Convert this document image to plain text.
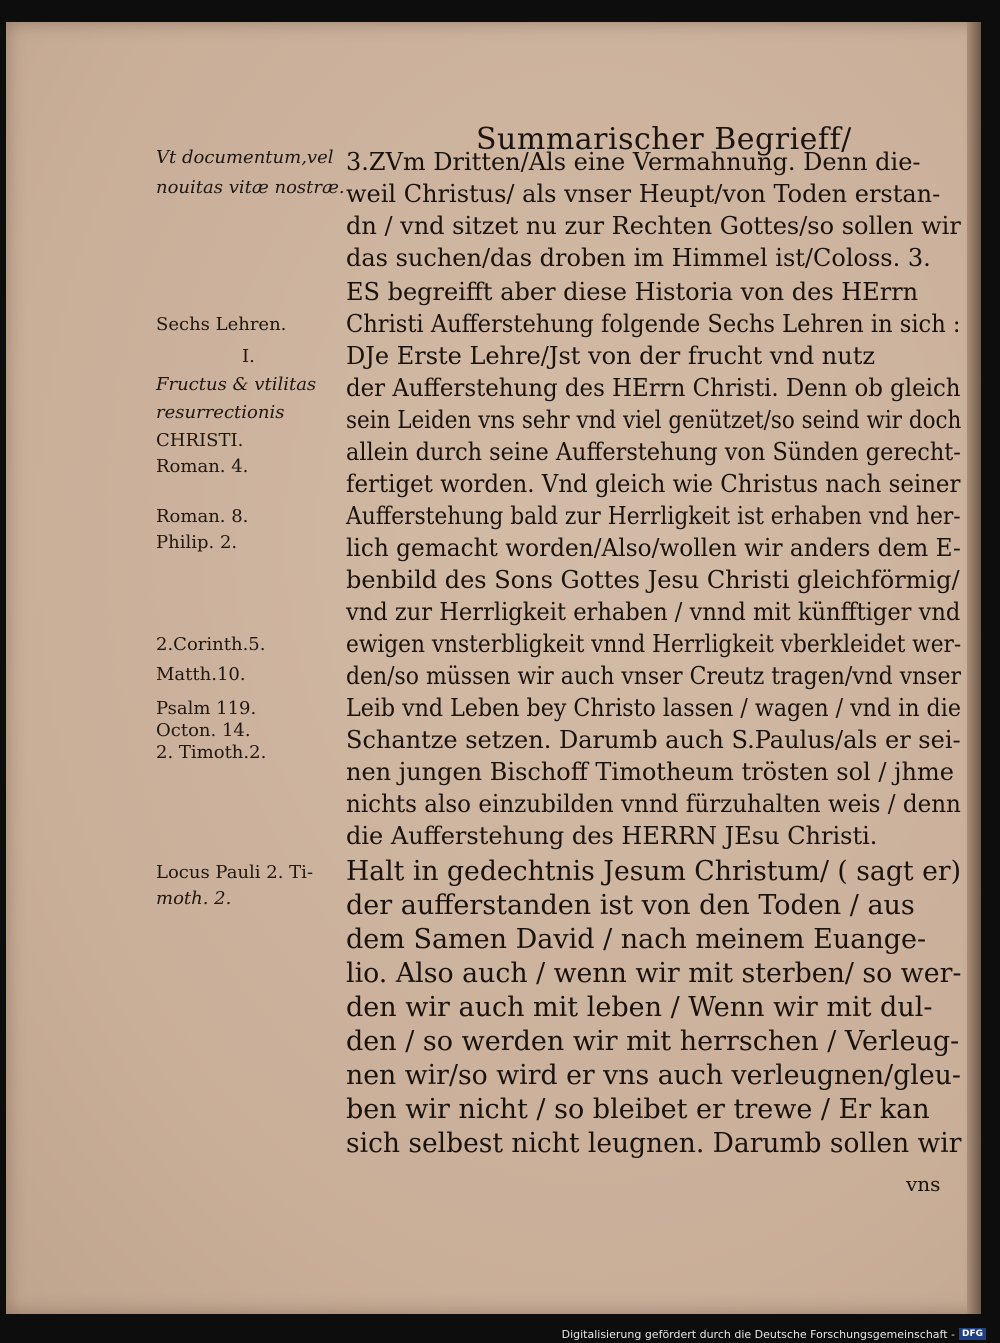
Summarischer Begrieff/
Vt documentum,vel
nouitas vitæ nostræ.
Sechs Lehren.
I.
Fructus & vtilitas
resurrectionis
CHRISTI.
Roman. 4.
Roman. 8.
Philip. 2.
2.Corinth.5.
Matth.10.
Psalm 119.
Octon. 14.
2. Timoth.2.
Locus Pauli 2. Ti-
moth. 2.
3.ZVm Dritten/Als eine Vermahnung. Denn die-
weil Christus/ als vnser Heupt/von Toden erstan-
dn / vnd sitzet nu zur Rechten Gottes/so sollen wir
das suchen/das droben im Himmel ist/Coloss. 3.
ES begreifft aber diese Historia von des HErrn
Christi Aufferstehung folgende Sechs Lehren in sich :
DJe Erste Lehre/Jst von der frucht vnd nutz
der Aufferstehung des HErrn Christi. Denn ob gleich
sein Leiden vns sehr vnd viel genützet/so seind wir doch
allein durch seine Aufferstehung von Sünden gerecht-
fertiget worden. Vnd gleich wie Christus nach seiner
Aufferstehung bald zur Herrligkeit ist erhaben vnd her-
lich gemacht worden/Also/wollen wir anders dem E-
benbild des Sons Gottes Jesu Christi gleichförmig/
vnd zur Herrligkeit erhaben / vnnd mit künfftiger vnd
ewigen vnsterbligkeit vnnd Herrligkeit vberkleidet wer-
den/so müssen wir auch vnser Creutz tragen/vnd vnser
Leib vnd Leben bey Christo lassen / wagen / vnd in die
Schantze setzen. Darumb auch S.Paulus/als er sei-
nen jungen Bischoff Timotheum trösten sol / jhme
nichts also einzubilden vnnd fürzuhalten weis / denn
die Aufferstehung des HERRN JEsu Christi.
Halt in gedechtnis Jesum Christum/ ( sagt er)
der aufferstanden ist von den Toden / aus
dem Samen David / nach meinem Euange-
lio. Also auch / wenn wir mit sterben/ so wer-
den wir auch mit leben / Wenn wir mit dul-
den / so werden wir mit herrschen / Verleug-
nen wir/so wird er vns auch verleugnen/gleu-
ben wir nicht / so bleibet er trewe / Er kan
sich selbest nicht leugnen. Darumb sollen wir
vns
Digitalisierung gefördert durch die Deutsche Forschungsgemeinschaft - DFG
